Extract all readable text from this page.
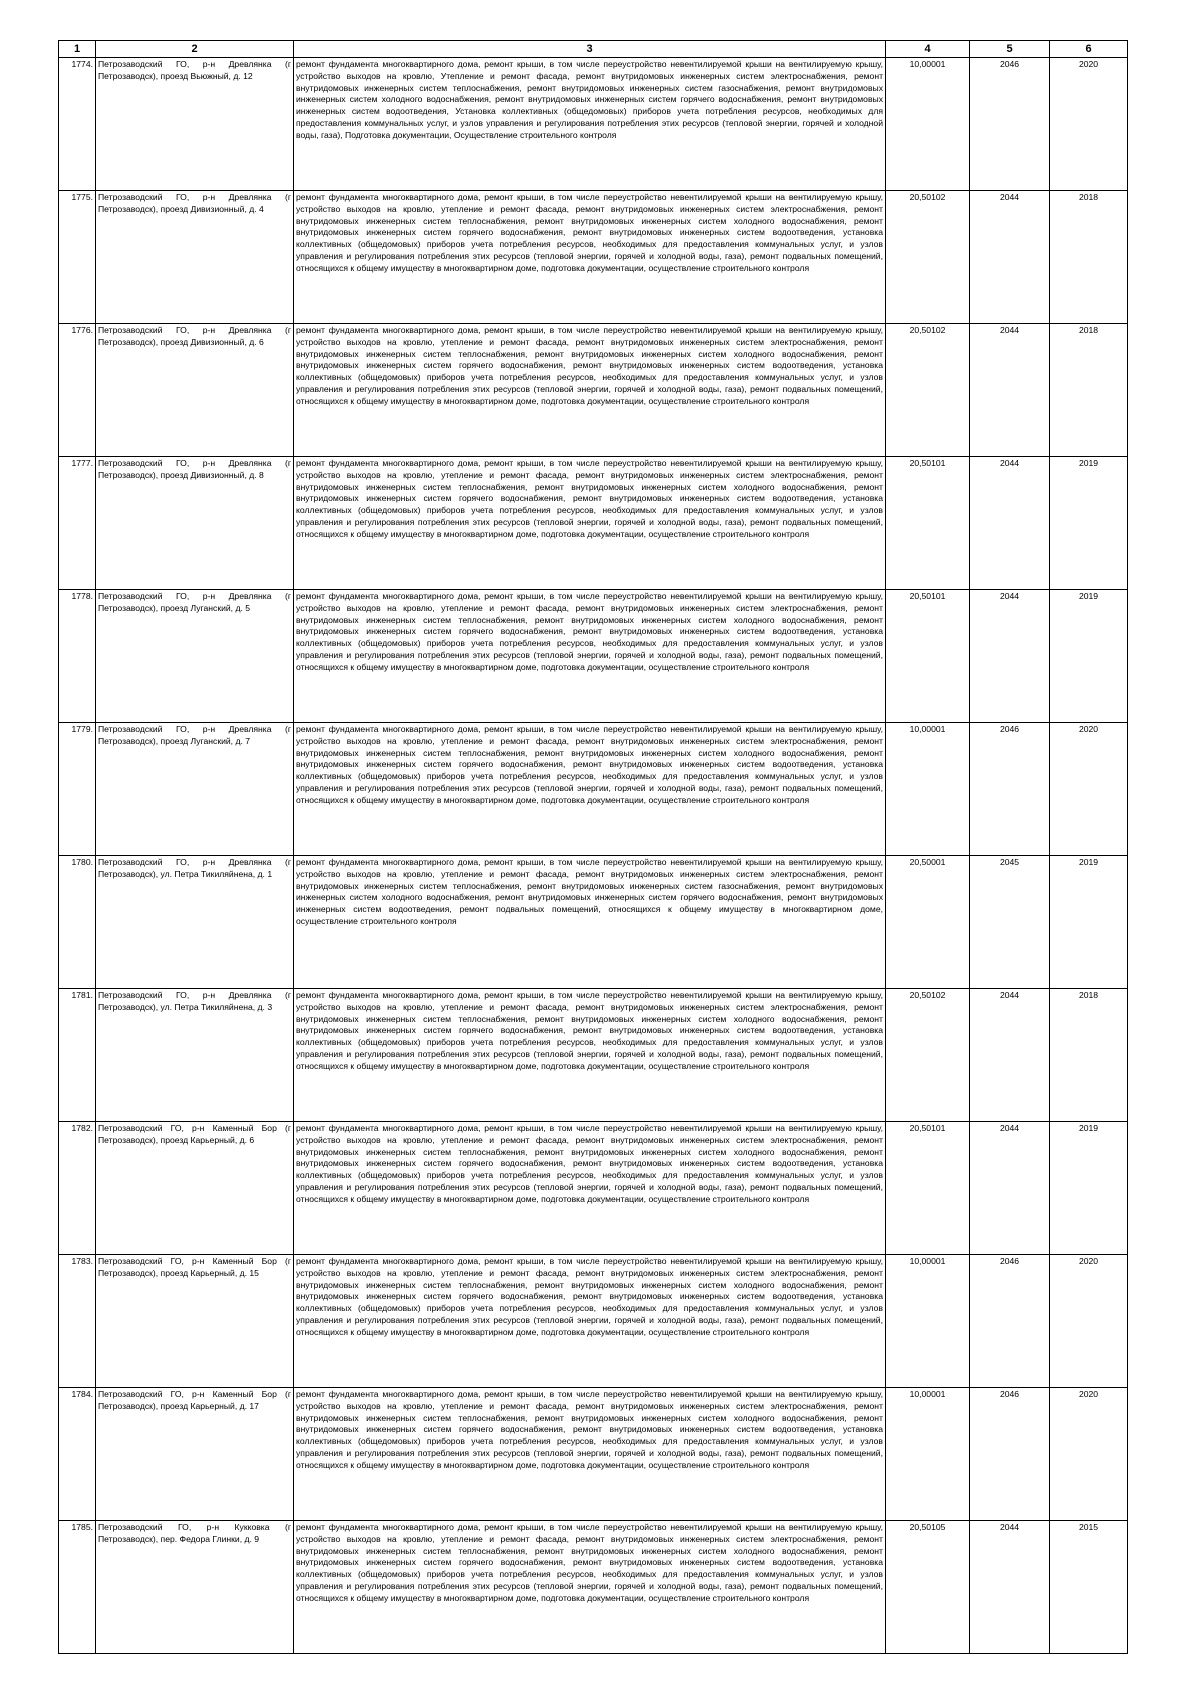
1	2	3	4	5	6
1774.	Петрозаводский ГО, р-н Древлянка (г Петрозаводск), проезд Вьюжный, д. 12	ремонт фундамента многоквартирного дома, ремонт крыши, в том числе переустройство невентилируемой крыши на вентилируемую крышу, устройство выходов на кровлю, Утепление и ремонт фасада, ремонт внутридомовых инженерных систем электроснабжения, ремонт внутридомовых инженерных систем теплоснабжения, ремонт внутридомовых инженерных систем газоснабжения, ремонт внутридомовых инженерных систем холодного водоснабжения, ремонт внутридомовых инженерных систем горячего водоснабжения, ремонт внутридомовых инженерных систем водоотведения, Установка коллективных (общедомовых) приборов учета потребления ресурсов, необходимых для предоставления коммунальных услуг, и узлов управления и регулирования потребления этих ресурсов (тепловой энергии, горячей и холодной воды, газа), Подготовка документации, Осуществление строительного контроля	10,00001	2046	2020
1775.	Петрозаводский ГО, р-н Древлянка (г Петрозаводск), проезд Дивизионный, д. 4	ремонт фундамента многоквартирного дома, ремонт крыши, в том числе переустройство невентилируемой крыши на вентилируемую крышу, устройство выходов на кровлю, утепление и ремонт фасада, ремонт внутридомовых инженерных систем электроснабжения, ремонт внутридомовых инженерных систем теплоснабжения, ремонт внутридомовых инженерных систем холодного водоснабжения, ремонт внутридомовых инженерных систем горячего водоснабжения, ремонт внутридомовых инженерных систем водоотведения, установка коллективных (общедомовых) приборов учета потребления ресурсов, необходимых для предоставления коммунальных услуг, и узлов управления и регулирования потребления этих ресурсов (тепловой энергии, горячей и холодной воды, газа), ремонт подвальных помещений, относящихся к общему имуществу в многоквартирном доме, подготовка документации, осуществление строительного контроля	20,50102	2044	2018
1776.	Петрозаводский ГО, р-н Древлянка (г Петрозаводск), проезд Дивизионный, д. 6	ремонт фундамента многоквартирного дома, ремонт крыши, в том числе переустройство невентилируемой крыши на вентилируемую крышу, устройство выходов на кровлю, утепление и ремонт фасада, ремонт внутридомовых инженерных систем электроснабжения, ремонт внутридомовых инженерных систем теплоснабжения, ремонт внутридомовых инженерных систем холодного водоснабжения, ремонт внутридомовых инженерных систем горячего водоснабжения, ремонт внутридомовых инженерных систем водоотведения, установка коллективных (общедомовых) приборов учета потребления ресурсов, необходимых для предоставления коммунальных услуг, и узлов управления и регулирования потребления этих ресурсов (тепловой энергии, горячей и холодной воды, газа), ремонт подвальных помещений, относящихся к общему имуществу в многоквартирном доме, подготовка документации, осуществление строительного контроля	20,50102	2044	2018
1777.	Петрозаводский ГО, р-н Древлянка (г Петрозаводск), проезд Дивизионный, д. 8	ремонт фундамента многоквартирного дома, ремонт крыши, в том числе переустройство невентилируемой крыши на вентилируемую крышу, устройство выходов на кровлю, утепление и ремонт фасада, ремонт внутридомовых инженерных систем электроснабжения, ремонт внутридомовых инженерных систем теплоснабжения, ремонт внутридомовых инженерных систем холодного водоснабжения, ремонт внутридомовых инженерных систем горячего водоснабжения, ремонт внутридомовых инженерных систем водоотведения, установка коллективных (общедомовых) приборов учета потребления ресурсов, необходимых для предоставления коммунальных услуг, и узлов управления и регулирования потребления этих ресурсов (тепловой энергии, горячей и холодной воды, газа), ремонт подвальных помещений, относящихся к общему имуществу в многоквартирном доме, подготовка документации, осуществление строительного контроля	20,50101	2044	2019
1778.	Петрозаводский ГО, р-н Древлянка (г Петрозаводск), проезд Луганский, д. 5	ремонт фундамента многоквартирного дома, ремонт крыши, в том числе переустройство невентилируемой крыши на вентилируемую крышу, устройство выходов на кровлю, утепление и ремонт фасада, ремонт внутридомовых инженерных систем электроснабжения, ремонт внутридомовых инженерных систем теплоснабжения, ремонт внутридомовых инженерных систем холодного водоснабжения, ремонт внутридомовых инженерных систем горячего водоснабжения, ремонт внутридомовых инженерных систем водоотведения, установка коллективных (общедомовых) приборов учета потребления ресурсов, необходимых для предоставления коммунальных услуг, и узлов управления и регулирования потребления этих ресурсов (тепловой энергии, горячей и холодной воды, газа), ремонт подвальных помещений, относящихся к общему имуществу в многоквартирном доме, подготовка документации, осуществление строительного контроля	20,50101	2044	2019
1779.	Петрозаводский ГО, р-н Древлянка (г Петрозаводск), проезд Луганский, д. 7	ремонт фундамента многоквартирного дома, ремонт крыши, в том числе переустройство невентилируемой крыши на вентилируемую крышу, устройство выходов на кровлю, утепление и ремонт фасада, ремонт внутридомовых инженерных систем электроснабжения, ремонт внутридомовых инженерных систем теплоснабжения, ремонт внутридомовых инженерных систем холодного водоснабжения, ремонт внутридомовых инженерных систем горячего водоснабжения, ремонт внутридомовых инженерных систем водоотведения, установка коллективных (общедомовых) приборов учета потребления ресурсов, необходимых для предоставления коммунальных услуг, и узлов управления и регулирования потребления этих ресурсов (тепловой энергии, горячей и холодной воды, газа), ремонт подвальных помещений, относящихся к общему имуществу в многоквартирном доме, подготовка документации, осуществление строительного контроля	10,00001	2046	2020
1780.	Петрозаводский ГО, р-н Древлянка (г Петрозаводск), ул. Петра Тикиляйнена, д. 1	ремонт фундамента многоквартирного дома, ремонт крыши, в том числе переустройство невентилируемой крыши на вентилируемую крышу, устройство выходов на кровлю, утепление и ремонт фасада, ремонт внутридомовых инженерных систем электроснабжения, ремонт внутридомовых инженерных систем теплоснабжения, ремонт внутридомовых инженерных систем газоснабжения, ремонт внутридомовых инженерных систем холодного водоснабжения, ремонт внутридомовых инженерных систем горячего водоснабжения, ремонт внутридомовых инженерных систем водоотведения, ремонт подвальных помещений, относящихся к общему имуществу в многоквартирном доме, осуществление строительного контроля	20,50001	2045	2019
1781.	Петрозаводский ГО, р-н Древлянка (г Петрозаводск), ул. Петра Тикиляйнена, д. 3	ремонт фундамента многоквартирного дома, ремонт крыши, в том числе переустройство невентилируемой крыши на вентилируемую крышу, устройство выходов на кровлю, утепление и ремонт фасада, ремонт внутридомовых инженерных систем электроснабжения, ремонт внутридомовых инженерных систем теплоснабжения, ремонт внутридомовых инженерных систем холодного водоснабжения, ремонт внутридомовых инженерных систем горячего водоснабжения, ремонт внутридомовых инженерных систем водоотведения, установка коллективных (общедомовых) приборов учета потребления ресурсов, необходимых для предоставления коммунальных услуг, и узлов управления и регулирования потребления этих ресурсов (тепловой энергии, горячей и холодной воды, газа), ремонт подвальных помещений, относящихся к общему имуществу в многоквартирном доме, подготовка документации, осуществление строительного контроля	20,50102	2044	2018
1782.	Петрозаводский ГО, р-н Каменный Бор (г Петрозаводск), проезд Карьерный, д. 6	ремонт фундамента многоквартирного дома, ремонт крыши, в том числе переустройство невентилируемой крыши на вентилируемую крышу, устройство выходов на кровлю, утепление и ремонт фасада, ремонт внутридомовых инженерных систем электроснабжения, ремонт внутридомовых инженерных систем теплоснабжения, ремонт внутридомовых инженерных систем холодного водоснабжения, ремонт внутридомовых инженерных систем горячего водоснабжения, ремонт внутридомовых инженерных систем водоотведения, установка коллективных (общедомовых) приборов учета потребления ресурсов, необходимых для предоставления коммунальных услуг, и узлов управления и регулирования потребления этих ресурсов (тепловой энергии, горячей и холодной воды, газа), ремонт подвальных помещений, относящихся к общему имуществу в многоквартирном доме, подготовка документации, осуществление строительного контроля	20,50101	2044	2019
1783.	Петрозаводский ГО, р-н Каменный Бор (г Петрозаводск), проезд Карьерный, д. 15	ремонт фундамента многоквартирного дома, ремонт крыши, в том числе переустройство невентилируемой крыши на вентилируемую крышу, устройство выходов на кровлю, утепление и ремонт фасада, ремонт внутридомовых инженерных систем электроснабжения, ремонт внутридомовых инженерных систем теплоснабжения, ремонт внутридомовых инженерных систем холодного водоснабжения, ремонт внутридомовых инженерных систем горячего водоснабжения, ремонт внутридомовых инженерных систем водоотведения, установка коллективных (общедомовых) приборов учета потребления ресурсов, необходимых для предоставления коммунальных услуг, и узлов управления и регулирования потребления этих ресурсов (тепловой энергии, горячей и холодной воды, газа), ремонт подвальных помещений, относящихся к общему имуществу в многоквартирном доме, подготовка документации, осуществление строительного контроля	10,00001	2046	2020
1784.	Петрозаводский ГО, р-н Каменный Бор (г Петрозаводск), проезд Карьерный, д. 17	ремонт фундамента многоквартирного дома, ремонт крыши, в том числе переустройство невентилируемой крыши на вентилируемую крышу, устройство выходов на кровлю, утепление и ремонт фасада, ремонт внутридомовых инженерных систем электроснабжения, ремонт внутридомовых инженерных систем теплоснабжения, ремонт внутридомовых инженерных систем холодного водоснабжения, ремонт внутридомовых инженерных систем горячего водоснабжения, ремонт внутридомовых инженерных систем водоотведения, установка коллективных (общедомовых) приборов учета потребления ресурсов, необходимых для предоставления коммунальных услуг, и узлов управления и регулирования потребления этих ресурсов (тепловой энергии, горячей и холодной воды, газа), ремонт подвальных помещений, относящихся к общему имуществу в многоквартирном доме, подготовка документации, осуществление строительного контроля	10,00001	2046	2020
1785.	Петрозаводский ГО, р-н Кукковка (г Петрозаводск), пер. Федора Глинки, д. 9	ремонт фундамента многоквартирного дома, ремонт крыши, в том числе переустройство невентилируемой крыши на вентилируемую крышу, устройство выходов на кровлю, утепление и ремонт фасада, ремонт внутридомовых инженерных систем электроснабжения, ремонт внутридомовых инженерных систем теплоснабжения, ремонт внутридомовых инженерных систем холодного водоснабжения, ремонт внутридомовых инженерных систем горячего водоснабжения, ремонт внутридомовых инженерных систем водоотведения, установка коллективных (общедомовых) приборов учета потребления ресурсов, необходимых для предоставления коммунальных услуг, и узлов управления и регулирования потребления этих ресурсов (тепловой энергии, горячей и холодной воды, газа), ремонт подвальных помещений, относящихся к общему имуществу в многоквартирном доме, подготовка документации, осуществление строительного контроля	20,50105	2044	2015
